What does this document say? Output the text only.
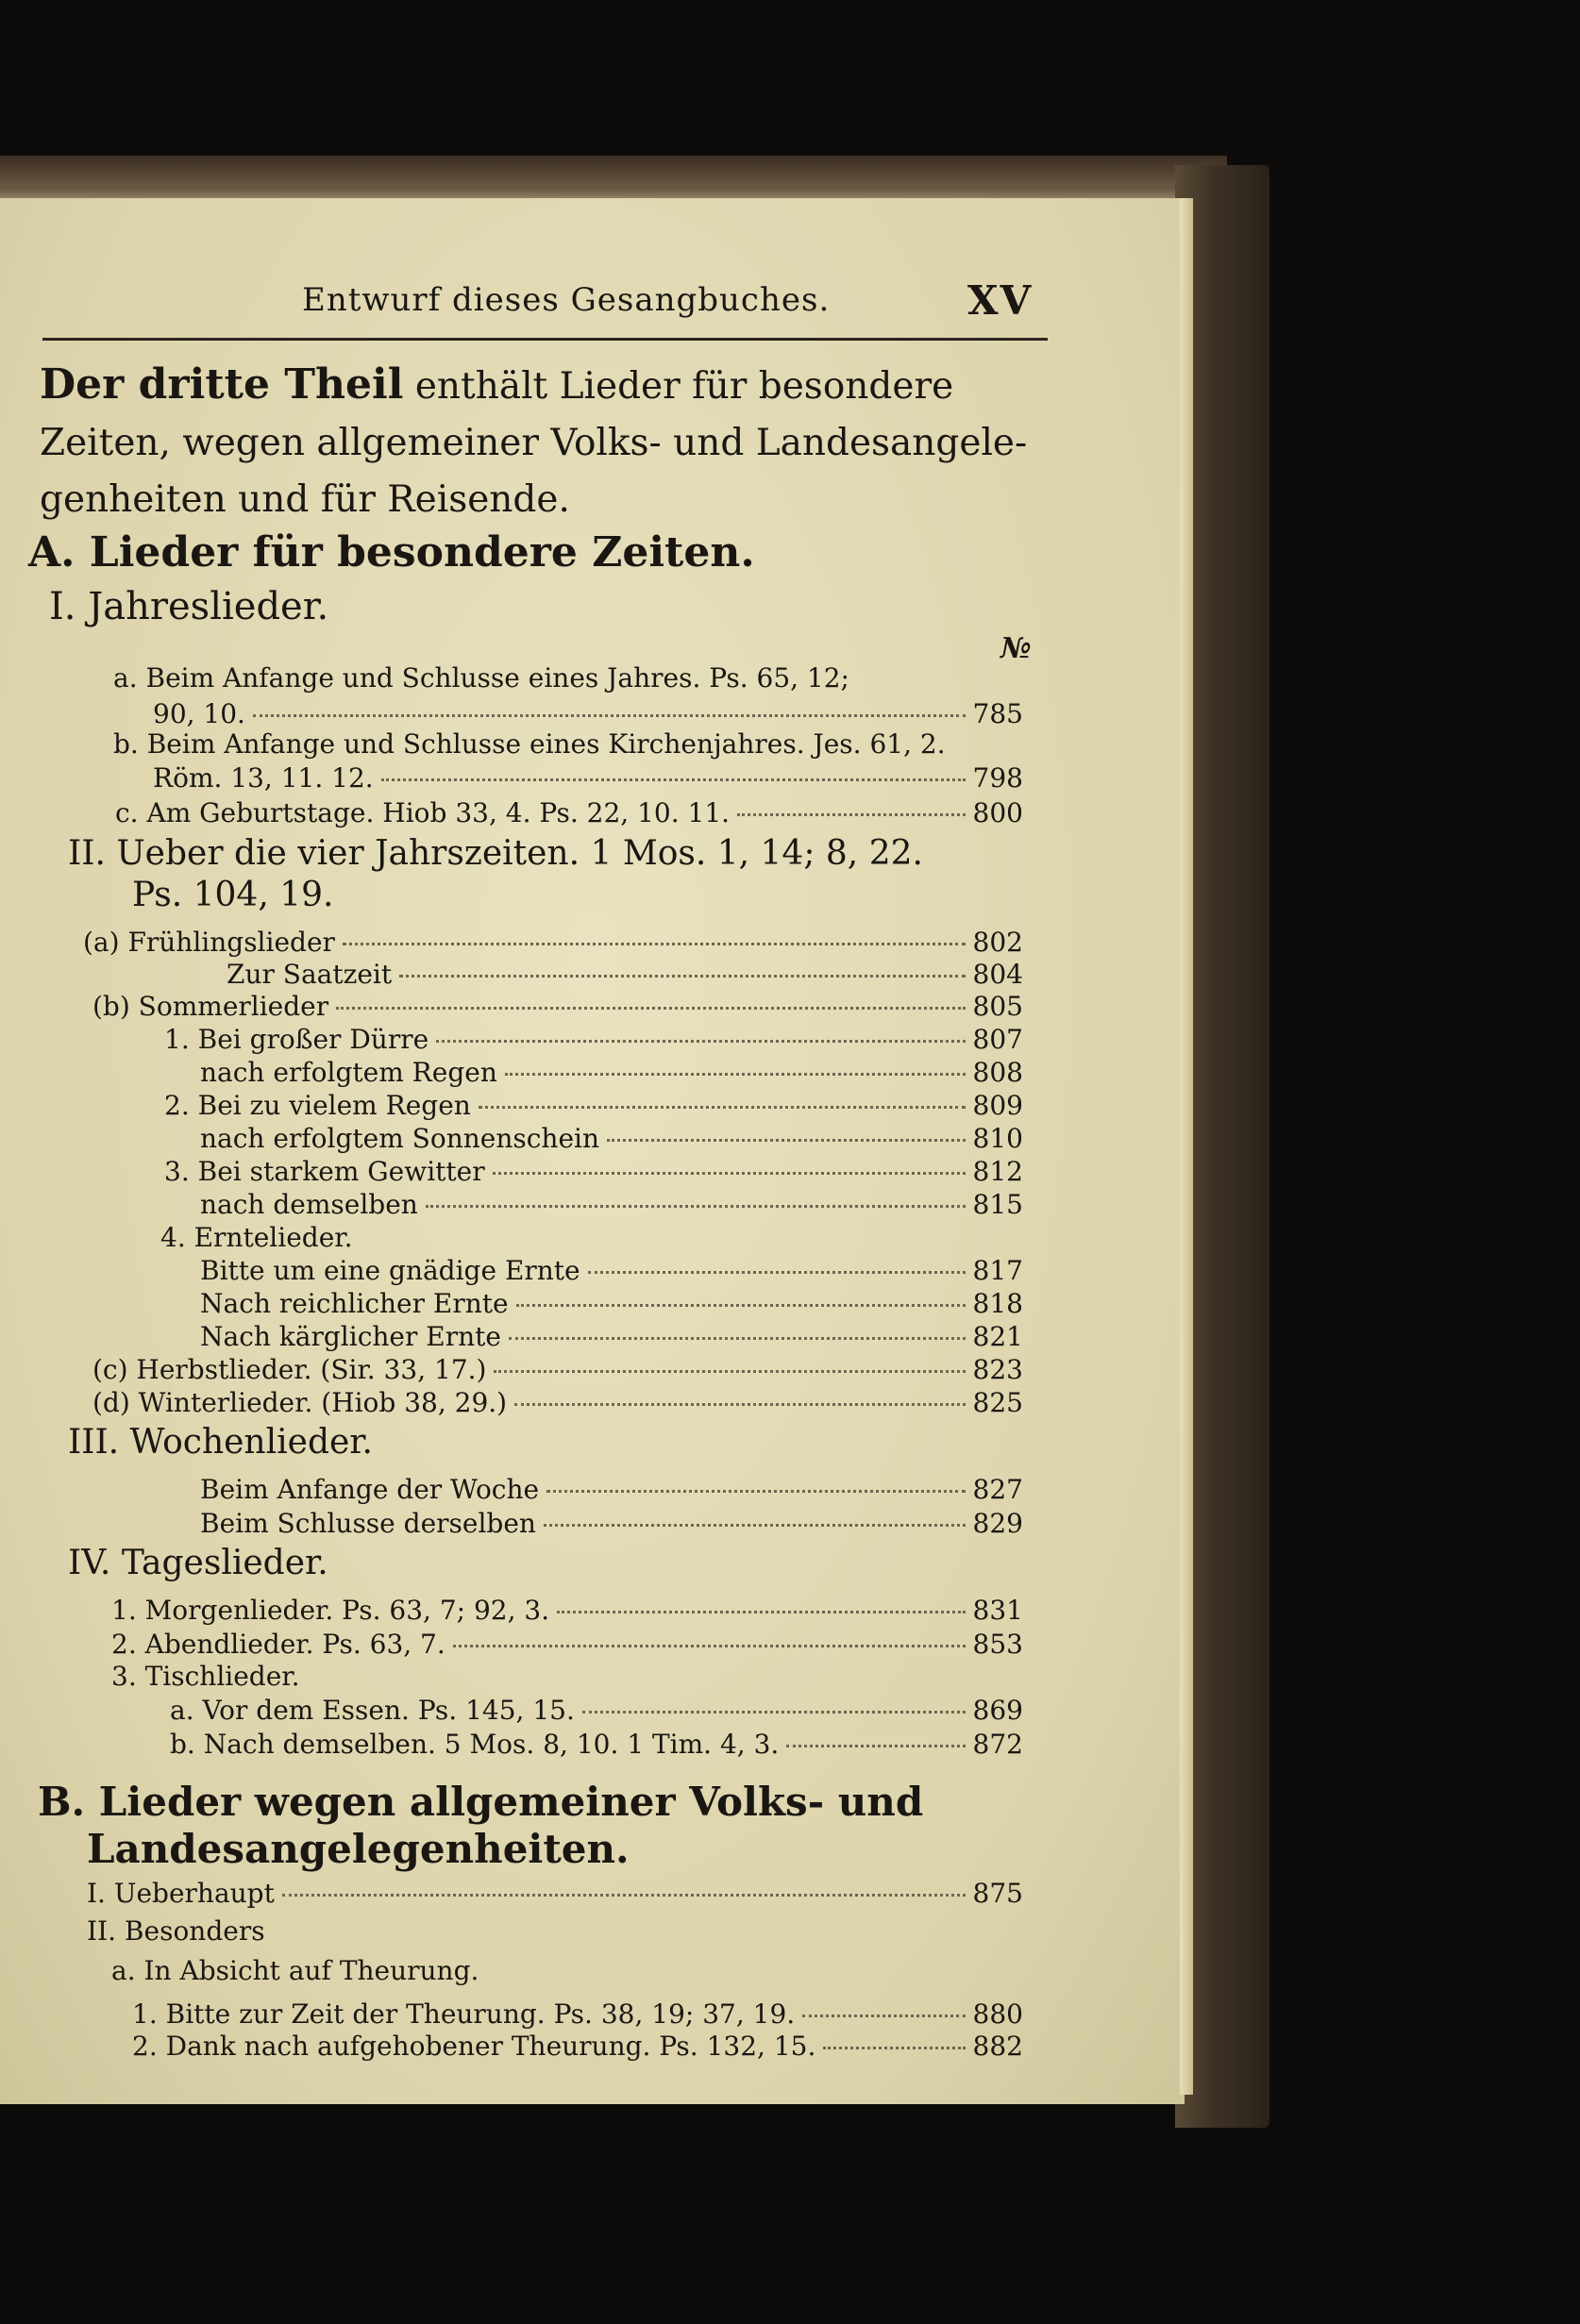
Entwurf dieses Gesangbuches.	XV
Der dritte Theil enthält Lieder für besondere
Zeiten, wegen allgemeiner Volks- und Landesangele-
genheiten und für Reisende.
A. Lieder für besondere Zeiten.
I. Jahreslieder.
№
a. Beim Anfange und Schlusse eines Jahres. Ps. 65, 12;
90, 10.	785
b. Beim Anfange und Schlusse eines Kirchenjahres. Jes. 61, 2.
Röm. 13, 11. 12.	798
c. Am Geburtstage. Hiob 33, 4. Ps. 22, 10. 11.	800
II. Ueber die vier Jahrszeiten. 1 Mos. 1, 14; 8, 22.
Ps. 104, 19.
(a) Frühlingslieder	802
Zur Saatzeit	804
(b) Sommerlieder	805
1. Bei großer Dürre	807
nach erfolgtem Regen	808
2. Bei zu vielem Regen	809
nach erfolgtem Sonnenschein	810
3. Bei starkem Gewitter	812
nach demselben	815
4. Erntelieder.
Bitte um eine gnädige Ernte	817
Nach reichlicher Ernte	818
Nach kärglicher Ernte	821
(c) Herbstlieder. (Sir. 33, 17.)	823
(d) Winterlieder. (Hiob 38, 29.)	825
III. Wochenlieder.
Beim Anfange der Woche	827
Beim Schlusse derselben	829
IV. Tageslieder.
1. Morgenlieder. Ps. 63, 7; 92, 3.	831
2. Abendlieder. Ps. 63, 7.	853
3. Tischlieder.
a. Vor dem Essen. Ps. 145, 15.	869
b. Nach demselben. 5 Mos. 8, 10. 1 Tim. 4, 3.	872
B. Lieder wegen allgemeiner Volks- und
Landesangelegenheiten.
I. Ueberhaupt	875
II. Besonders
a. In Absicht auf Theurung.
1. Bitte zur Zeit der Theurung. Ps. 38, 19; 37, 19.	880
2. Dank nach aufgehobener Theurung. Ps. 132, 15.	882
